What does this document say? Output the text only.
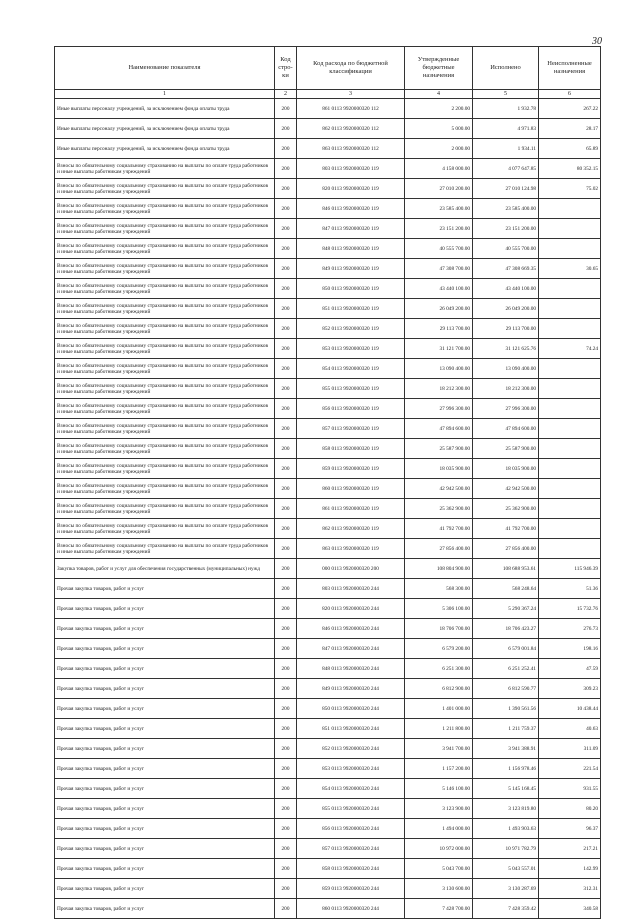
30
Наименование показателя	Код стро-ки	Код расхода по бюджетной классификации	Утвержденные бюджетные назначения	Исполнено	Неисполненные назначения
1	2	3	4	5	6
Иные выплаты персоналу учреждений, за исключением фонда оплаты труда	200	861 0113 9920000320 112	2 200.00	1 932.78	267.22
Иные выплаты персоналу учреждений, за исключением фонда оплаты труда	200	862 0113 9920000320 112	5 000.00	4 971.83	28.17
Иные выплаты персоналу учреждений, за исключением фонда оплаты труда	200	863 0113 9920000320 112	2 000.00	1 934.11	65.89
Взносы по обязательному социальному страхованию на выплаты по оплате труда работников и иные выплаты работникам учреждений	200	803 0113 9920000320 119	4 158 000.00	4 077 647.85	80 352.15
Взносы по обязательному социальному страхованию на выплаты по оплате труда работников и иные выплаты работникам учреждений	200	820 0113 9920000320 119	27 010 200.00	27 010 124.98	75.02
Взносы по обязательному социальному страхованию на выплаты по оплате труда работников и иные выплаты работникам учреждений	200	846 0113 9920000320 119	23 585 400.00	23 585 400.00	
Взносы по обязательному социальному страхованию на выплаты по оплате труда работников и иные выплаты работникам учреждений	200	847 0113 9920000320 119	23 151 200.00	23 151 200.00	
Взносы по обязательному социальному страхованию на выплаты по оплате труда работников и иные выплаты работникам учреждений	200	848 0113 9920000320 119	40 555 700.00	40 555 700.00	
Взносы по обязательному социальному страхованию на выплаты по оплате труда работников и иные выплаты работникам учреждений	200	849 0113 9920000320 119	47 308 700.00	47 308 669.35	30.65
Взносы по обязательному социальному страхованию на выплаты по оплате труда работников и иные выплаты работникам учреждений	200	850 0113 9920000320 119	43 440 100.00	43 440 100.00	
Взносы по обязательному социальному страхованию на выплаты по оплате труда работников и иные выплаты работникам учреждений	200	851 0113 9920000320 119	26 049 200.00	26 049 200.00	
Взносы по обязательному социальному страхованию на выплаты по оплате труда работников и иные выплаты работникам учреждений	200	852 0113 9920000320 119	29 113 700.00	29 113 700.00	
Взносы по обязательному социальному страхованию на выплаты по оплате труда работников и иные выплаты работникам учреждений	200	853 0113 9920000320 119	31 121 700.00	31 121 625.76	74.24
Взносы по обязательному социальному страхованию на выплаты по оплате труда работников и иные выплаты работникам учреждений	200	854 0113 9920000320 119	13 090 400.00	13 090 400.00	
Взносы по обязательному социальному страхованию на выплаты по оплате труда работников и иные выплаты работникам учреждений	200	855 0113 9920000320 119	18 212 300.00	18 212 300.00	
Взносы по обязательному социальному страхованию на выплаты по оплате труда работников и иные выплаты работникам учреждений	200	856 0113 9920000320 119	27 996 300.00	27 996 300.00	
Взносы по обязательному социальному страхованию на выплаты по оплате труда работников и иные выплаты работникам учреждений	200	857 0113 9920000320 119	47 894 600.00	47 894 600.00	
Взносы по обязательному социальному страхованию на выплаты по оплате труда работников и иные выплаты работникам учреждений	200	858 0113 9920000320 119	25 587 900.00	25 587 900.00	
Взносы по обязательному социальному страхованию на выплаты по оплате труда работников и иные выплаты работникам учреждений	200	859 0113 9920000320 119	18 035 900.00	18 035 900.00	
Взносы по обязательному социальному страхованию на выплаты по оплате труда работников и иные выплаты работникам учреждений	200	860 0113 9920000320 119	42 942 500.00	42 942 500.00	
Взносы по обязательному социальному страхованию на выплаты по оплате труда работников и иные выплаты работникам учреждений	200	861 0113 9920000320 119	25 362 900.00	25 362 900.00	
Взносы по обязательному социальному страхованию на выплаты по оплате труда работников и иные выплаты работникам учреждений	200	862 0113 9920000320 119	41 792 700.00	41 792 700.00	
Взносы по обязательному социальному страхованию на выплаты по оплате труда работников и иные выплаты работникам учреждений	200	863 0113 9920000320 119	27 856 400.00	27 856 400.00	
Закупка товаров, работ и услуг для обеспечения государственных (муниципальных) нужд	200	000 0113 9920000320 200	108 804 900.00	108 688 953.61	115 946.39
Прочая закупка товаров, работ и услуг	200	803 0113 9920000320 244	568 300.00	568 248.64	51.36
Прочая закупка товаров, работ и услуг	200	820 0113 9920000320 244	5 306 100.00	5 290 367.24	15 732.76
Прочая закупка товаров, работ и услуг	200	846 0113 9920000320 244	18 706 700.00	18 706 423.27	276.73
Прочая закупка товаров, работ и услуг	200	847 0113 9920000320 244	6 579 200.00	6 579 001.84	198.16
Прочая закупка товаров, работ и услуг	200	848 0113 9920000320 244	6 251 300.00	6 251 252.41	47.59
Прочая закупка товаров, работ и услуг	200	849 0113 9920000320 244	6 812 900.00	6 812 590.77	309.23
Прочая закупка товаров, работ и услуг	200	850 0113 9920000320 244	1 401 000.00	1 390 561.56	10 438.44
Прочая закупка товаров, работ и услуг	200	851 0113 9920000320 244	1 211 800.00	1 211 759.37	40.63
Прочая закупка товаров, работ и услуг	200	852 0113 9920000320 244	3 941 700.00	3 941 388.91	311.09
Прочая закупка товаров, работ и услуг	200	853 0113 9920000320 244	1 157 200.00	1 156 978.46	221.54
Прочая закупка товаров, работ и услуг	200	854 0113 9920000320 244	5 146 100.00	5 145 168.45	931.55
Прочая закупка товаров, работ и услуг	200	855 0113 9920000320 244	3 123 900.00	3 123 819.80	80.20
Прочая закупка товаров, работ и услуг	200	856 0113 9920000320 244	1 494 000.00	1 493 903.63	96.37
Прочая закупка товаров, работ и услуг	200	857 0113 9920000320 244	10 972 000.00	10 971 782.79	217.21
Прочая закупка товаров, работ и услуг	200	858 0113 9920000320 244	5 043 700.00	5 043 557.01	142.99
Прочая закупка товаров, работ и услуг	200	859 0113 9920000320 244	3 130 600.00	3 130 287.69	312.31
Прочая закупка товаров, работ и услуг	200	860 0113 9920000320 244	7 428 700.00	7 428 359.42	340.58
